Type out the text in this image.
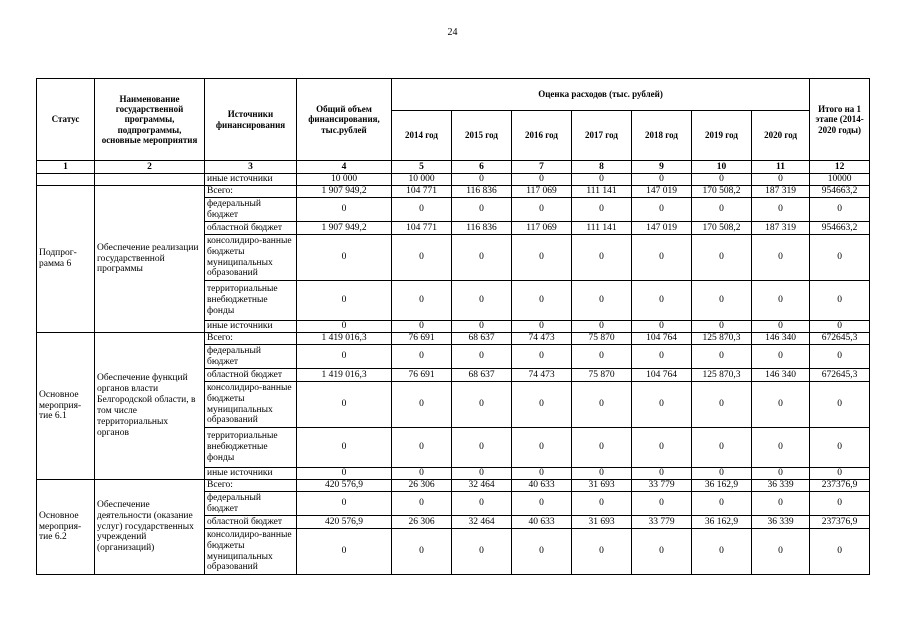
24
Статус	Наименование государственной программы, подпрограммы, основные мероприятия	Источники финансирования	Общий объем финансирования, тыс.рублей	Оценка расходов (тыс. рублей)							Итого на 1 этапе (2014-2020 годы)
				2014 год	2015 год	2016 год	2017 год	2018 год	2019 год	2020 год	
1	2	3	4	5	6	7	8	9	10	11	12
		иные источники	10 000	10 000	0	0	0	0	0	0	10000
Подпрог-рамма 6	Обеспечение реализации государственной программы	Всего:	1 907 949,2	104 771	116 836	117 069	111 141	147 019	170 508,2	187 319	954663,2
		федеральный бюджет	0	0	0	0	0	0	0	0	0
		областной бюджет	1 907 949,2	104 771	116 836	117 069	111 141	147 019	170 508,2	187 319	954663,2
		консолидиро-ванные бюджеты муниципальных образований	0	0	0	0	0	0	0	0	0
		территориальные внебюджетные фонды	0	0	0	0	0	0	0	0	0
		иные источники	0	0	0	0	0	0	0	0	0
Основное мероприя-тие 6.1	Обеспечение функций органов власти Белгородской области, в том числе территориальных органов	Всего:	1 419 016,3	76 691	68 637	74 473	75 870	104 764	125 870,3	146 340	672645,3
		федеральный бюджет	0	0	0	0	0	0	0	0	0
		областной бюджет	1 419 016,3	76 691	68 637	74 473	75 870	104 764	125 870,3	146 340	672645,3
		консолидиро-ванные бюджеты муниципальных образований	0	0	0	0	0	0	0	0	0
		территориальные внебюджетные фонды	0	0	0	0	0	0	0	0	0
		иные источники	0	0	0	0	0	0	0	0	0
Основное мероприя-тие 6.2	Обеспечение деятельности (оказание услуг) государственных учреждений (организаций)	Всего:	420 576,9	26 306	32 464	40 633	31 693	33 779	36 162,9	36 339	237376,9
		федеральный бюджет	0	0	0	0	0	0	0	0	0
		областной бюджет	420 576,9	26 306	32 464	40 633	31 693	33 779	36 162,9	36 339	237376,9
		консолидиро-ванные бюджеты муниципальных образований	0	0	0	0	0	0	0	0	0
